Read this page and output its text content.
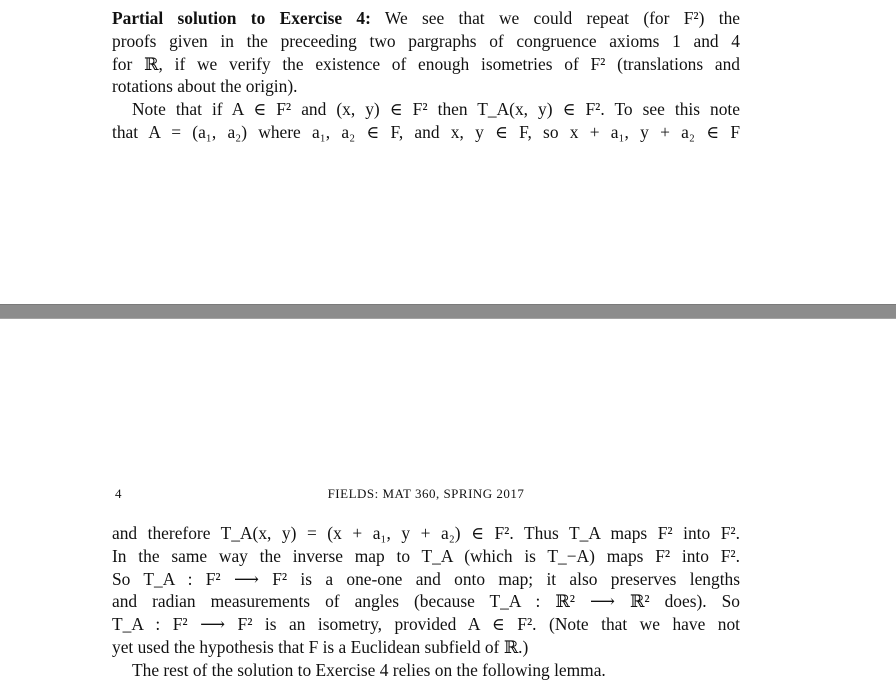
Partial solution to Exercise 4: We see that we could repeat (for F²) the
proofs given in the preceeding two pargraphs of congruence axioms 1 and 4
for ℝ, if we verify the existence of enough isometries of F² (translations and
rotations about the origin).
Note that if A ∈ F² and (x, y) ∈ F² then T_A(x, y) ∈ F². To see this note
that A = (a₁, a₂) where a₁, a₂ ∈ F, and x, y ∈ F, so x + a₁, y + a₂ ∈ F
4	FIELDS: MAT 360, SPRING 2017
and therefore T_A(x, y) = (x + a₁, y + a₂) ∈ F². Thus T_A maps F² into F².
In the same way the inverse map to T_A (which is T_−A) maps F² into F².
So T_A : F² ⟶ F² is a one-one and onto map; it also preserves lengths
and radian measurements of angles (because T_A : ℝ² ⟶ ℝ² does). So
T_A : F² ⟶ F² is an isometry, provided A ∈ F². (Note that we have not
yet used the hypothesis that F is a Euclidean subfield of ℝ.)
The rest of the solution to Exercise 4 relies on the following lemma.
